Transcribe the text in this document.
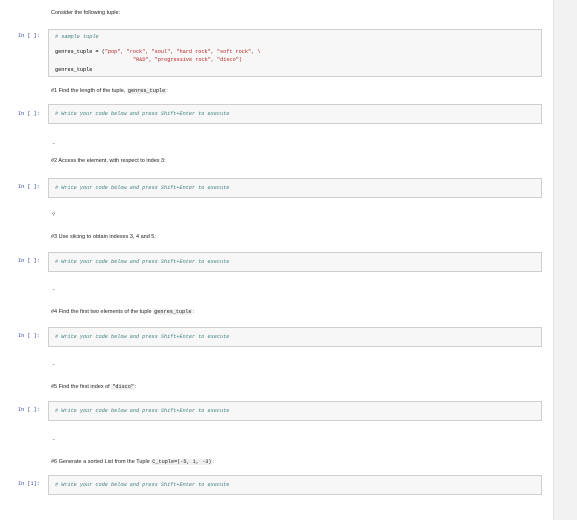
Consider the following tuple:
In [ ]:	# sample tuple
genres_tuple = ("pop", "rock", "soul", "hard rock", "soft rock", \
"R&D", "progressive rock", "disco")
genres_tuple
#1 Find the length of the tuple, genres_tuple:
In [ ]:	# Write your code below and press Shift+Enter to execute
-
#2 Access the element, with respect to index 3:
In [ ]:	# Write your code below and press Shift+Enter to execute
?
#3 Use slicing to obtain indexes 3, 4 and 5:
In [ ]:	# Write your code below and press Shift+Enter to execute
-
#4 Find the first two elements of the tuple genres_tuple:
In [ ]:	# Write your code below and press Shift+Enter to execute
-
#5 Find the first index of "disco":
In [ ]:	# Write your code below and press Shift+Enter to execute
-
#6 Generate a sorted List from the Tuple C_tuple=(-5, 1, -3):
In [1]:	# Write your code below and press Shift+Enter to execute
